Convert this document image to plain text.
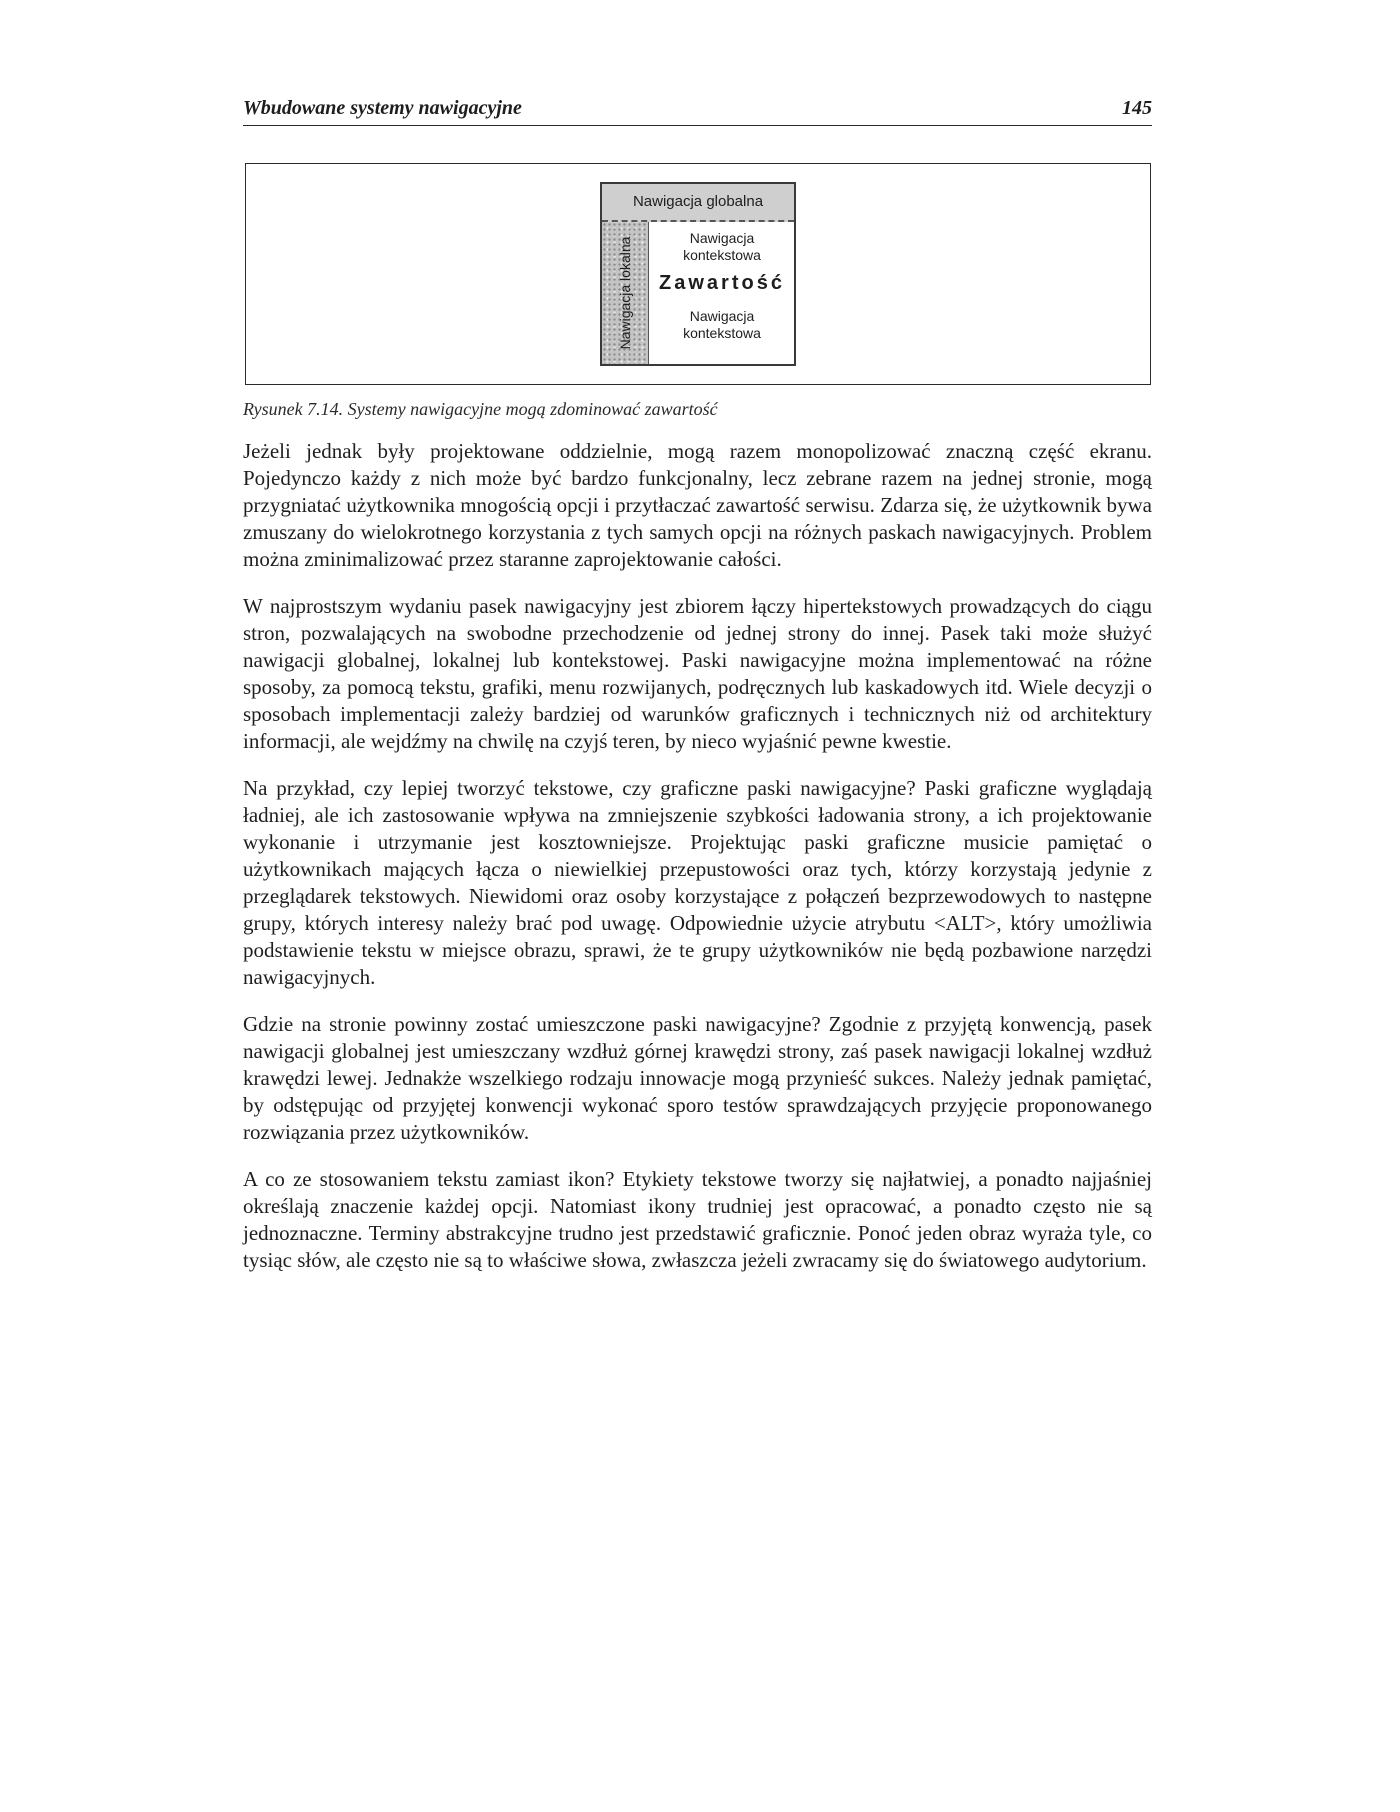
Wbudowane systemy nawigacyjne	145
Nawigacja globalna
Nawigacja lokalna	Nawigacja
kontekstowa
Zawartość
Nawigacja
kontekstowa
Rysunek 7.14. Systemy nawigacyjne mogą zdominować zawartość

Jeżeli jednak były projektowane oddzielnie, mogą razem monopolizować znaczną część ekranu. Pojedynczo każdy z nich może być bardzo funkcjonalny, lecz zebrane razem na jednej stronie, mogą przygniatać użytkownika mnogością opcji i przytłaczać zawartość serwisu. Zdarza się, że użytkownik bywa zmuszany do wielokrotnego korzystania z tych samych opcji na różnych paskach nawigacyjnych. Problem można zminimalizować przez staranne zaprojektowanie całości.

W najprostszym wydaniu pasek nawigacyjny jest zbiorem łączy hipertekstowych prowadzących do ciągu stron, pozwalających na swobodne przechodzenie od jednej strony do innej. Pasek taki może służyć nawigacji globalnej, lokalnej lub kontekstowej. Paski nawigacyjne można implementować na różne sposoby, za pomocą tekstu, grafiki, menu rozwijanych, podręcznych lub kaskadowych itd. Wiele decyzji o sposobach implementacji zależy bardziej od warunków graficznych i technicznych niż od architektury informacji, ale wejdźmy na chwilę na czyjś teren, by nieco wyjaśnić pewne kwestie.

Na przykład, czy lepiej tworzyć tekstowe, czy graficzne paski nawigacyjne? Paski graficzne wyglądają ładniej, ale ich zastosowanie wpływa na zmniejszenie szybkości ładowania strony, a ich projektowanie wykonanie i utrzymanie jest kosztowniejsze. Projektując paski graficzne musicie pamiętać o użytkownikach mających łącza o niewielkiej przepustowości oraz tych, którzy korzystają jedynie z przeglądarek tekstowych. Niewidomi oraz osoby korzystające z połączeń bezprzewodowych to następne grupy, których interesy należy brać pod uwagę. Odpowiednie użycie atrybutu <ALT>, który umożliwia podstawienie tekstu w miejsce obrazu, sprawi, że te grupy użytkowników nie będą pozbawione narzędzi nawigacyjnych.

Gdzie na stronie powinny zostać umieszczone paski nawigacyjne? Zgodnie z przyjętą konwencją, pasek nawigacji globalnej jest umieszczany wzdłuż górnej krawędzi strony, zaś pasek nawigacji lokalnej wzdłuż krawędzi lewej. Jednakże wszelkiego rodzaju innowacje mogą przynieść sukces. Należy jednak pamiętać, by odstępując od przyjętej konwencji wykonać sporo testów sprawdzających przyjęcie proponowanego rozwiązania przez użytkowników.

A co ze stosowaniem tekstu zamiast ikon? Etykiety tekstowe tworzy się najłatwiej, a ponadto najjaśniej określają znaczenie każdej opcji. Natomiast ikony trudniej jest opracować, a ponadto często nie są jednoznaczne. Terminy abstrakcyjne trudno jest przedstawić graficznie. Ponoć jeden obraz wyraża tyle, co tysiąc słów, ale często nie są to właściwe słowa, zwłaszcza jeżeli zwracamy się do światowego audytorium.
